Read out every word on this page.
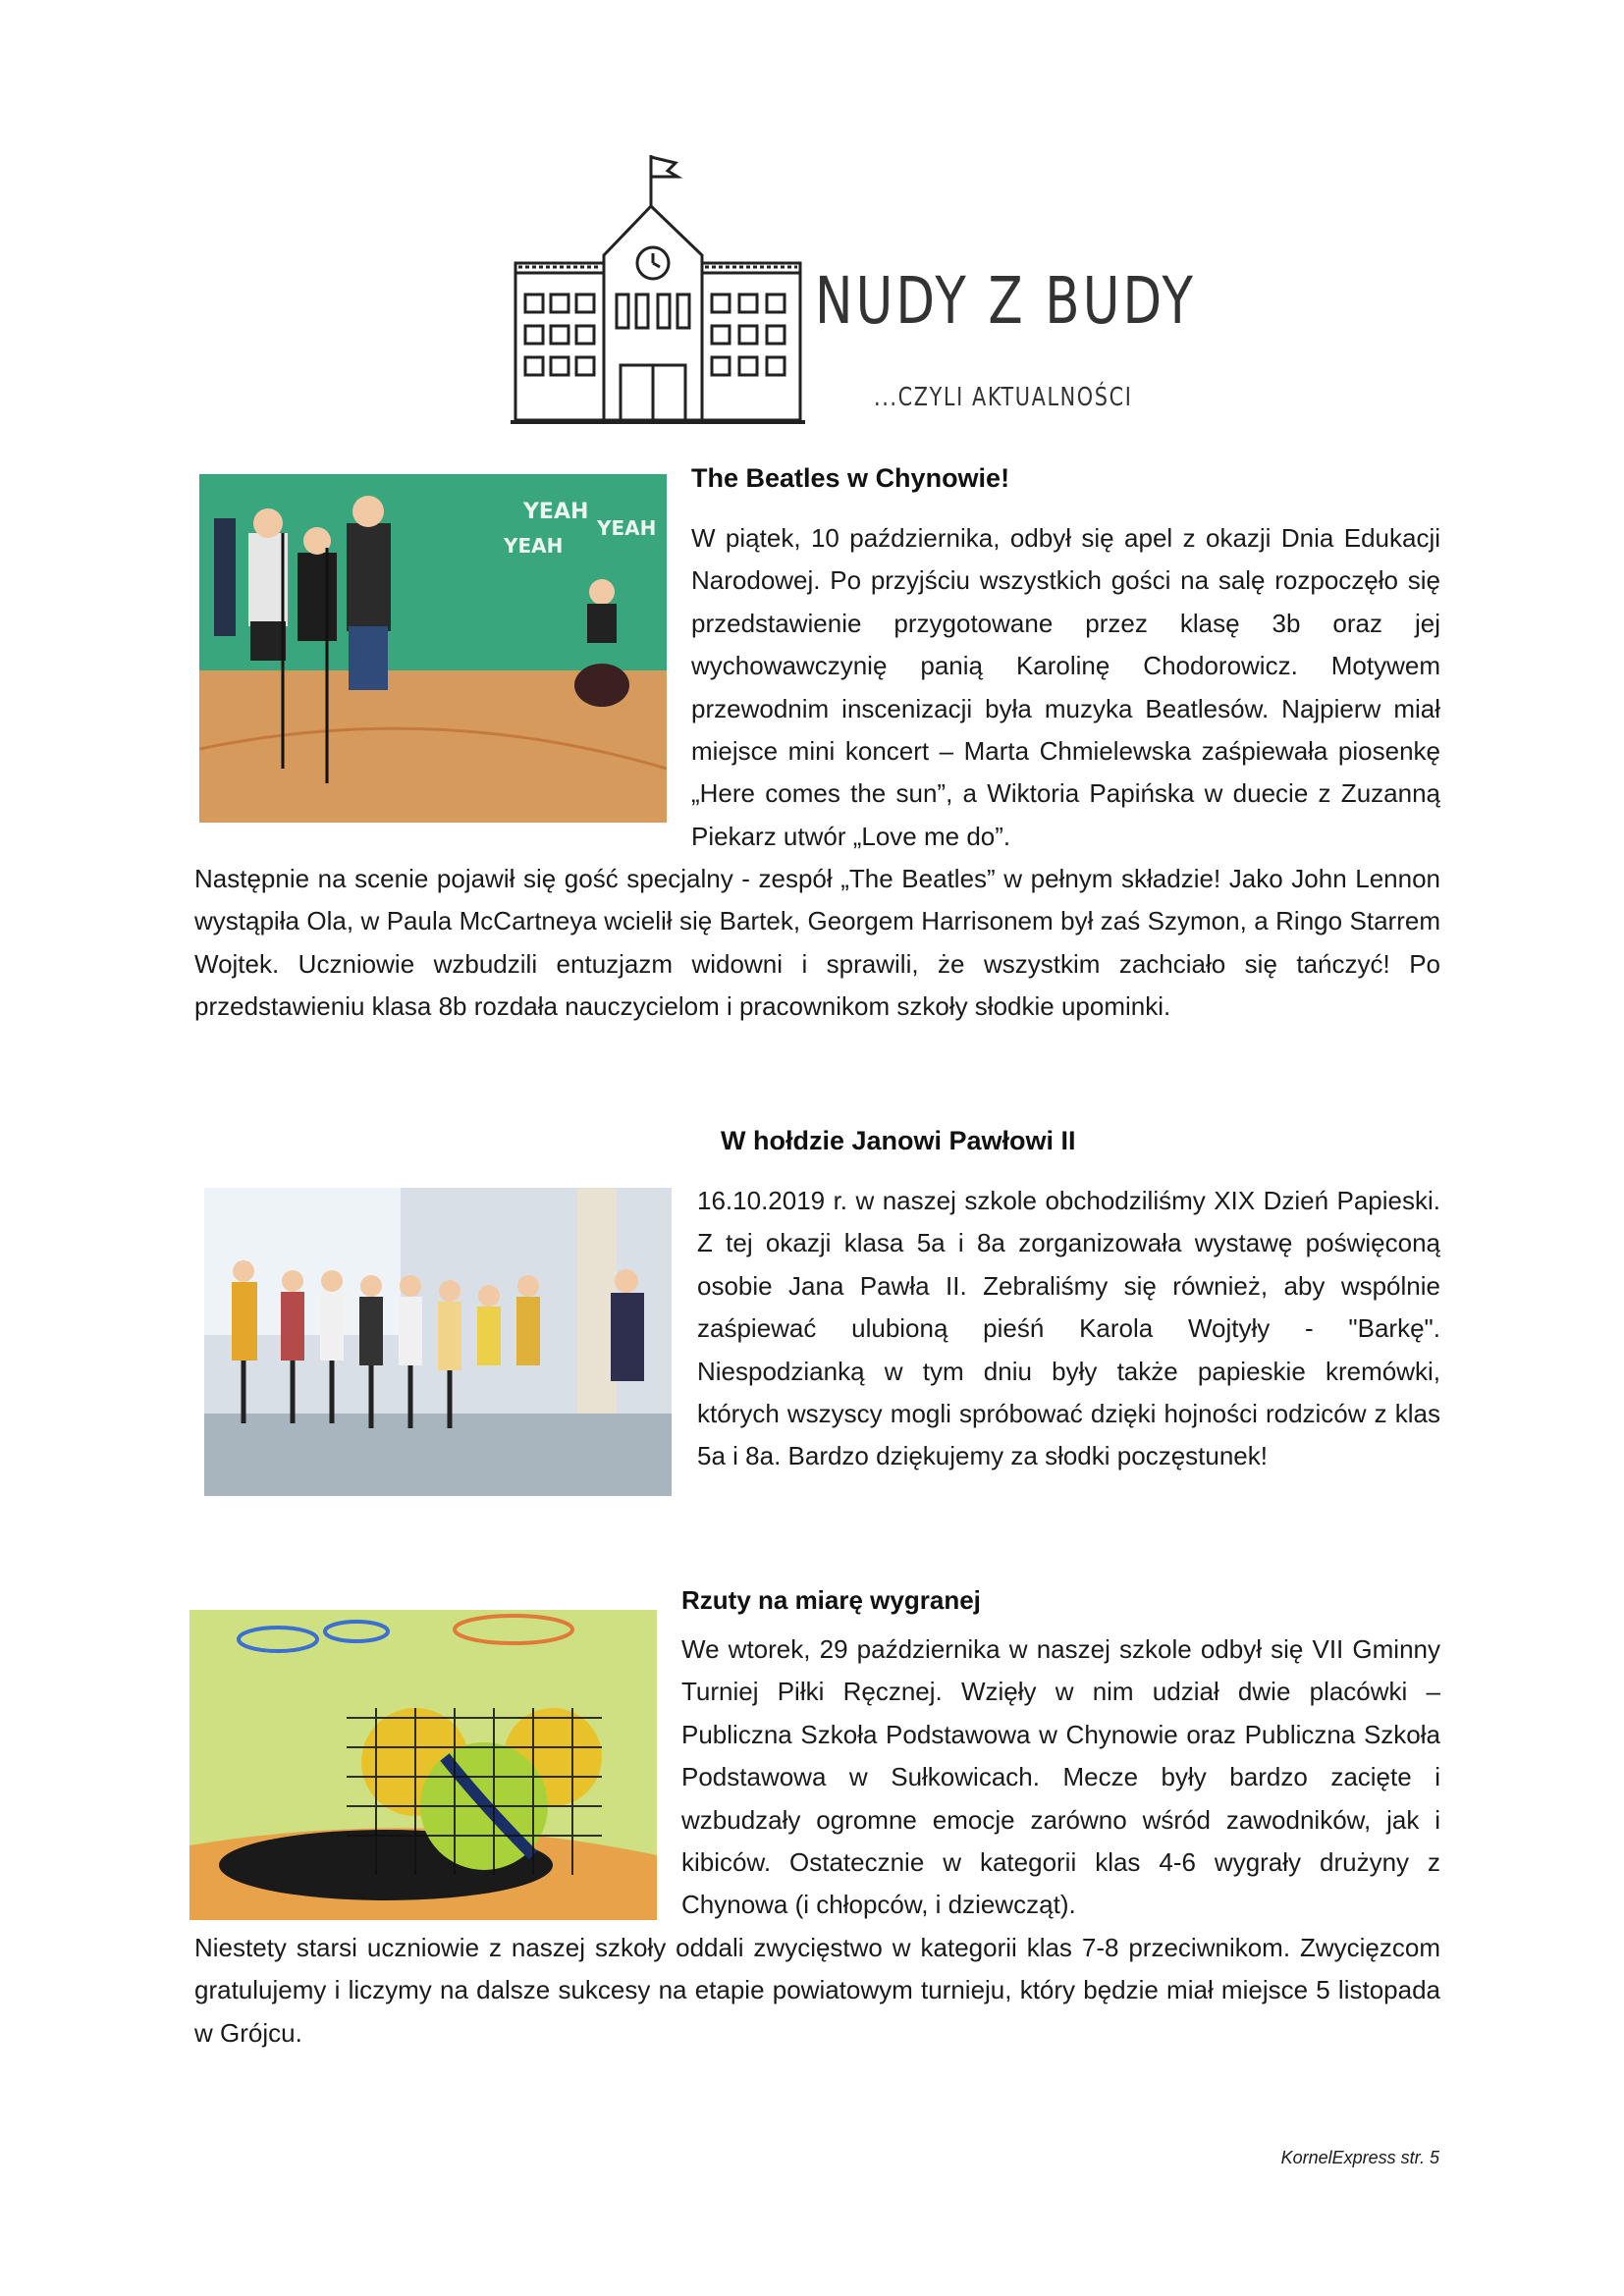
NUDY Z BUDY
...CZYLI AKTUALNOŚCI
YEAH
YEAH
YEAH
The Beatles w Chynowie!

W piątek, 10 października, odbył się apel z okazji Dnia Edukacji Narodowej. Po przyjściu wszystkich gości na salę rozpoczęło się przedstawienie przygotowane przez klasę 3b oraz jej wychowawczynię panią Karolinę Chodorowicz. Motywem przewodnim inscenizacji była muzyka Beatlesów. Najpierw miał miejsce mini koncert – Marta Chmielewska zaśpiewała piosenkę „Here comes the sun”, a Wiktoria Papińska w duecie z Zuzanną Piekarz utwór „Love me do”.

Następnie na scenie pojawił się gość specjalny - zespół „The Beatles” w pełnym składzie! Jako John Lennon wystąpiła Ola, w Paula McCartneya wcielił się Bartek, Georgem Harrisonem był zaś Szymon, a Ringo Starrem Wojtek. Uczniowie wzbudzili entuzjazm widowni i sprawili, że wszystkim zachciało się tańczyć! Po przedstawieniu klasa 8b rozdała nauczycielom i pracownikom szkoły słodkie upominki.

W hołdzie Janowi Pawłowi II

16.10.2019 r. w naszej szkole obchodziliśmy XIX Dzień Papieski. Z tej okazji klasa 5a i 8a zorganizowała wystawę poświęconą osobie Jana Pawła II. Zebraliśmy się również, aby wspólnie zaśpiewać ulubioną pieśń Karola Wojtyły - "Barkę". Niespodzianką w tym dniu były także papieskie kremówki, których wszyscy mogli spróbować dzięki hojności rodziców z klas 5a i 8a. Bardzo dziękujemy za słodki poczęstunek!

Rzuty na miarę wygranej

We wtorek, 29 października w naszej szkole odbył się VII Gminny Turniej Piłki Ręcznej. Wzięły w nim udział dwie placówki – Publiczna Szkoła Podstawowa w Chynowie oraz Publiczna Szkoła Podstawowa w Sułkowicach. Mecze były bardzo zacięte i wzbudzały ogromne emocje zarówno wśród zawodników, jak i kibiców. Ostatecznie w kategorii klas 4-6 wygrały drużyny z Chynowa (i chłopców, i dziewcząt).

Niestety starsi uczniowie z naszej szkoły oddali zwycięstwo w kategorii klas 7-8 przeciwnikom. Zwycięzcom gratulujemy i liczymy na dalsze sukcesy na etapie powiatowym turnieju, który będzie miał miejsce 5 listopada w Grójcu.

KornelExpress str. 5
